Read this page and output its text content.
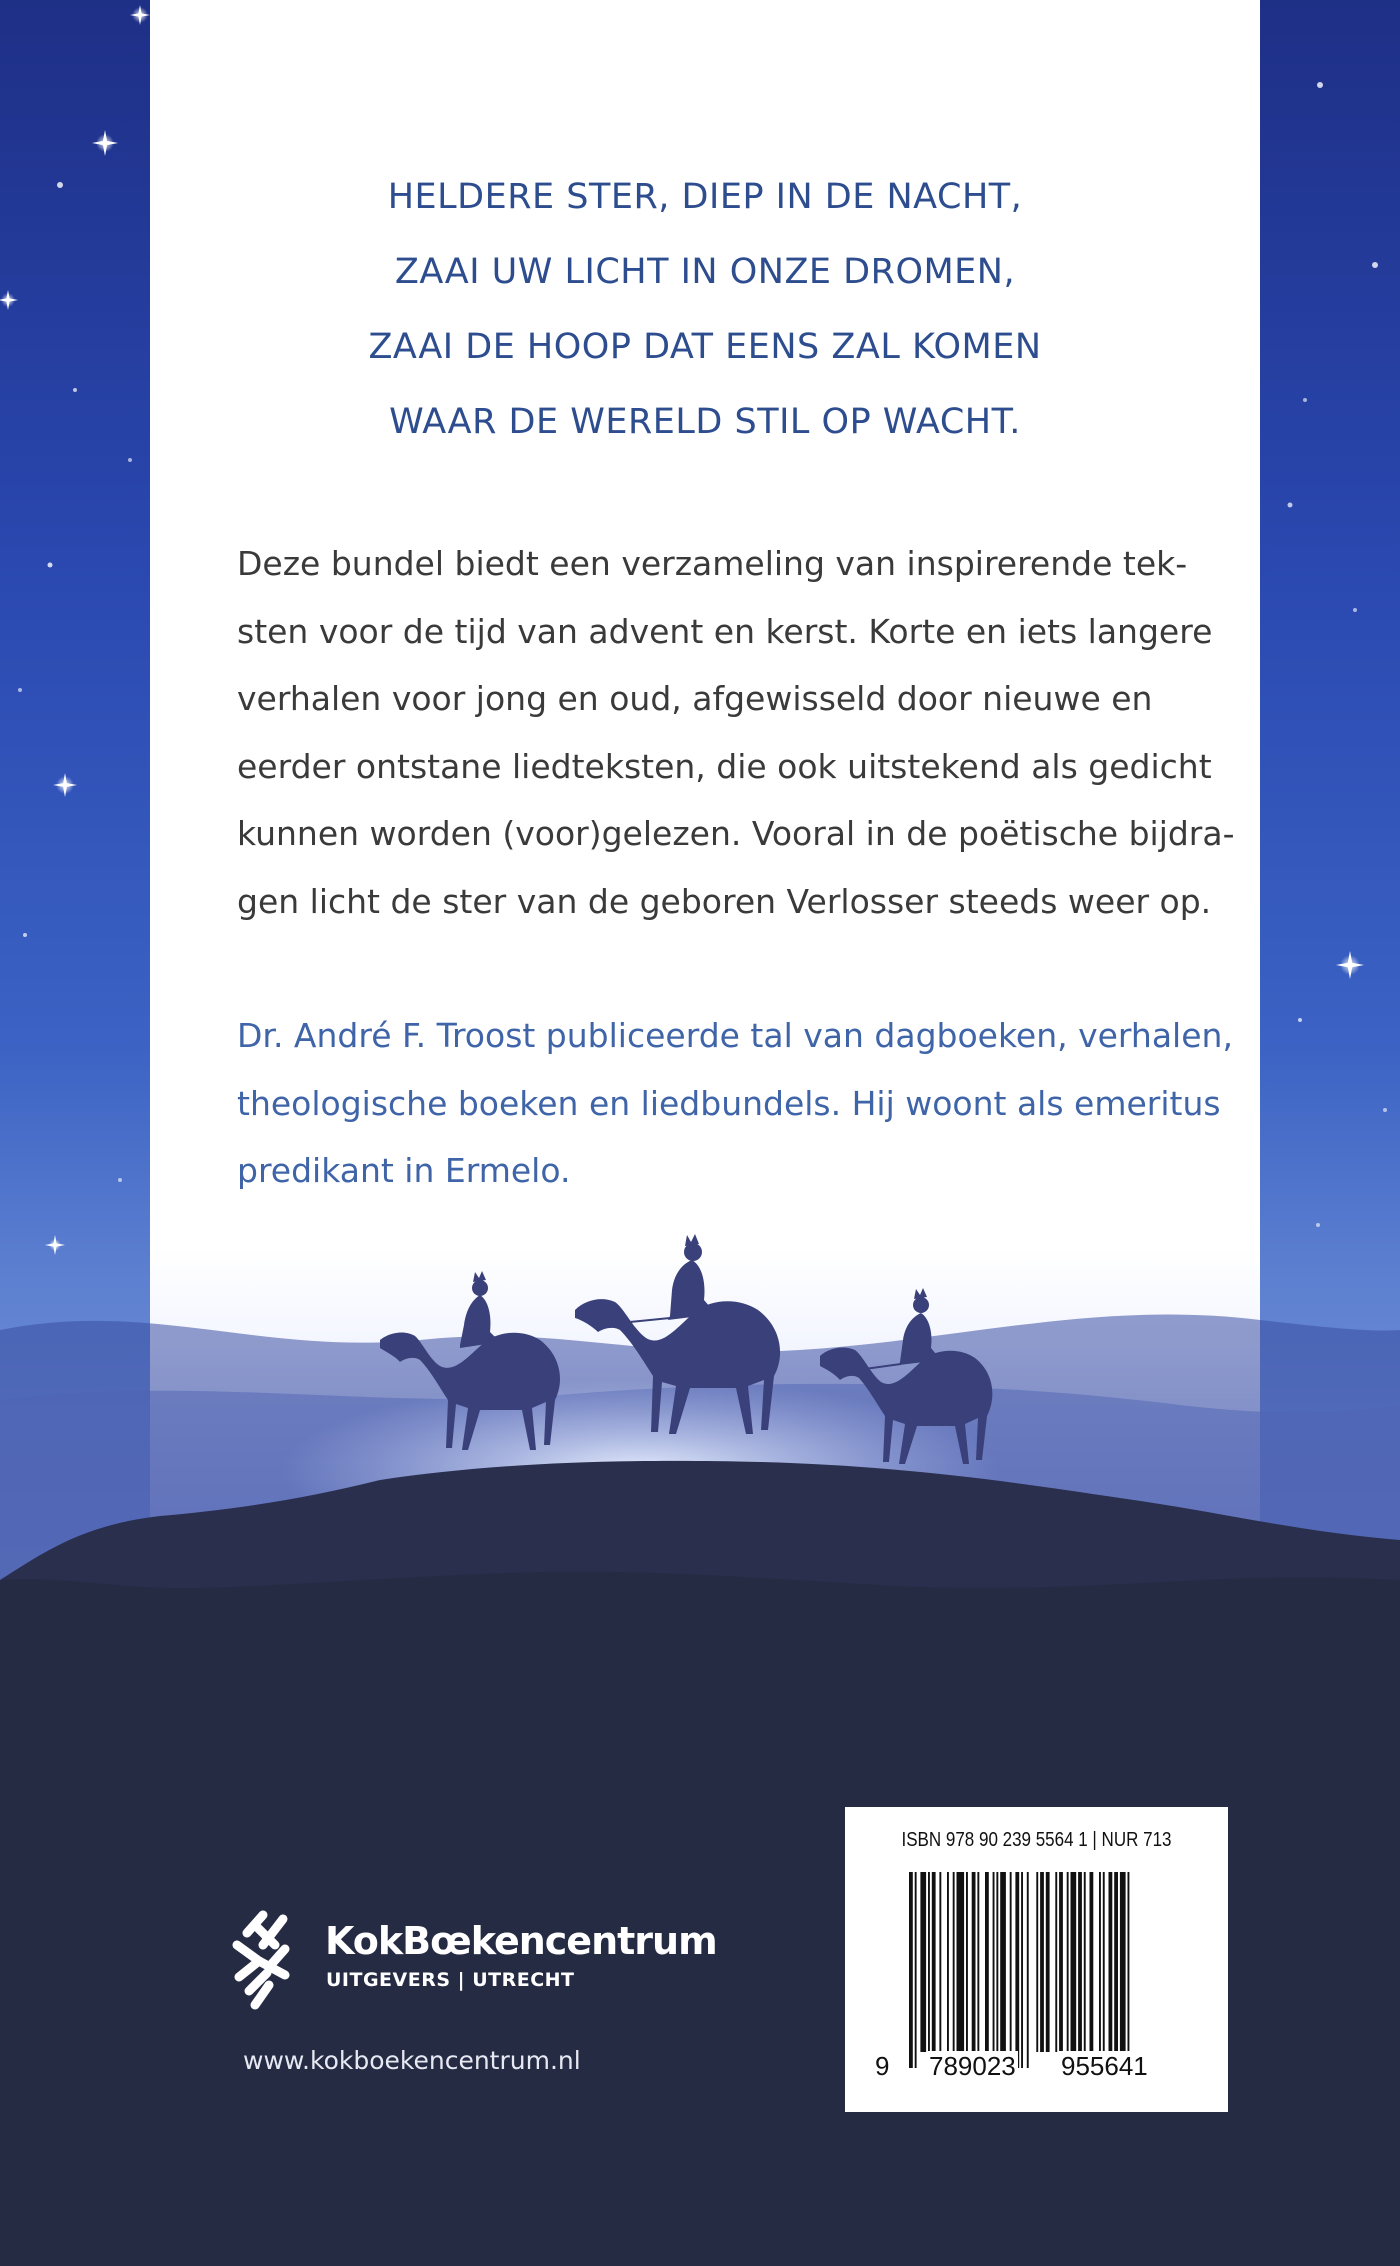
HELDERE STER, DIEP IN DE NACHT,
ZAAI UW LICHT IN ONZE DROMEN,
ZAAI DE HOOP DAT EENS ZAL KOMEN
WAAR DE WERELD STIL OP WACHT.
Deze bundel biedt een verzameling van inspirerende tek-
sten voor de tijd van advent en kerst. Korte en iets langere
verhalen voor jong en oud, afgewisseld door nieuwe en
eerder ontstane liedteksten, die ook uitstekend als gedicht
kunnen worden (voor)gelezen. Vooral in de poëtische bijdra-
gen licht de ster van de geboren Verlosser steeds weer op.
Dr. André F. Troost publiceerde tal van dagboeken, verhalen,
theologische boeken en liedbundels. Hij woont als emeritus
predikant in Ermelo.
KokBœkencentrum
UITGEVERS | UTRECHT
www.kokboekencentrum.nl
ISBN 978 90 239 5564 1 | NUR 713
9 789023 955641
